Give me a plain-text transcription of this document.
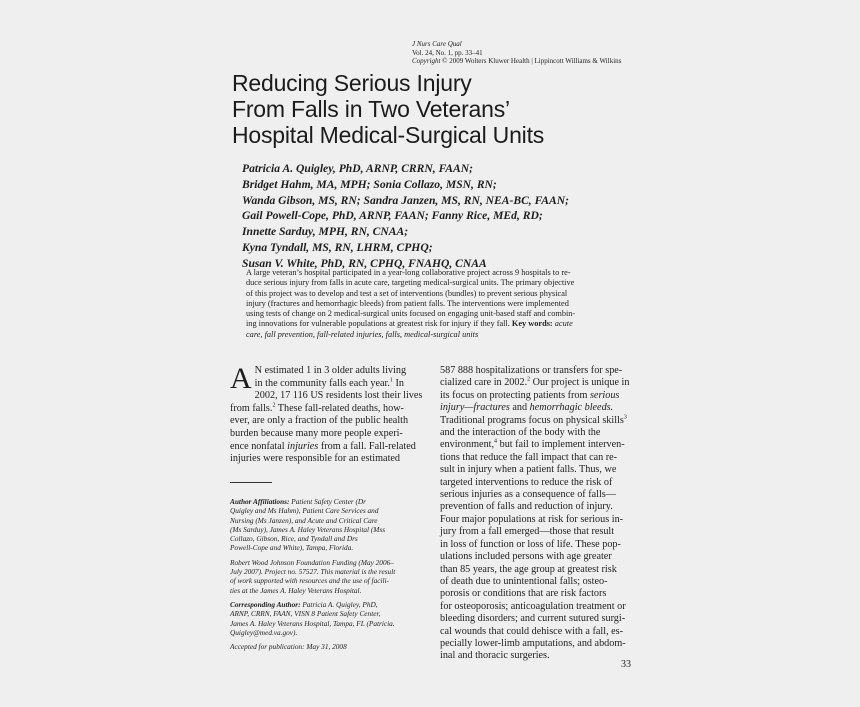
J Nurs Care Qual
Vol. 24, No. 1, pp. 33–41
Copyright © 2009 Wolters Kluwer Health | Lippincott Williams & Wilkins
Reducing Serious Injury
From Falls in Two Veterans’
Hospital Medical-Surgical Units
Patricia A. Quigley, PhD, ARNP, CRRN, FAAN;
Bridget Hahm, MA, MPH; Sonia Collazo, MSN, RN;
Wanda Gibson, MS, RN; Sandra Janzen, MS, RN, NEA-BC, FAAN;
Gail Powell-Cope, PhD, ARNP, FAAN; Fanny Rice, MEd, RD;
Innette Sarduy, MPH, RN, CNAA;
Kyna Tyndall, MS, RN, LHRM, CPHQ;
Susan V. White, PhD, RN, CPHQ, FNAHQ, CNAA
A large veteran’s hospital participated in a year-long collaborative project across 9 hospitals to re-
duce serious injury from falls in acute care, targeting medical-surgical units. The primary objective
of this project was to develop and test a set of interventions (bundles) to prevent serious physical
injury (fractures and hemorrhagic bleeds) from patient falls. The interventions were implemented
using tests of change on 2 medical-surgical units focused on engaging unit-based staff and combin-
ing innovations for vulnerable populations at greatest risk for injury if they fall. Key words: acute
care, fall prevention, fall-related injuries, falls, medical-surgical units
A N estimated 1 in 3 older adults living
in the community falls each year.$^1$ In
2002, 17 116 US residents lost their lives
from falls.$^2$ These fall-related deaths, how-
ever, are only a fraction of the public health
burden because many more people experi-
ence nonfatal injuries from a fall. Fall-related
injuries were responsible for an estimated

Author Affiliations: Patient Safety Center (Dr
Quigley and Ms Hahm), Patient Care Services and
Nursing (Ms Janzen), and Acute and Critical Care
(Ms Sarduy), James A. Haley Veterans Hospital (Mss
Collazo, Gibson, Rice, and Tyndall and Drs
Powell-Cope and White), Tampa, Florida.

Robert Wood Johnson Foundation Funding (May 2006–
July 2007). Project no. 57527. This material is the result
of work supported with resources and the use of facili-
ties at the James A. Haley Veterans Hospital.

Corresponding Author: Patricia A. Quigley, PhD,
ARNP, CRRN, FAAN, VISN 8 Patient Safety Center,
James A. Haley Veterans Hospital, Tampa, FL (Patricia.
Quigley@med.va.gov).

Accepted for publication: May 31, 2008

587 888 hospitalizations or transfers for spe-
cialized care in 2002.$^2$ Our project is unique in
its focus on protecting patients from serious
injury—fractures and hemorrhagic bleeds.
Traditional programs focus on physical skills$^3$
and the interaction of the body with the
environment,$^4$ but fail to implement interven-
tions that reduce the fall impact that can re-
sult in injury when a patient falls. Thus, we
targeted interventions to reduce the risk of
serious injuries as a consequence of falls—
prevention of falls and reduction of injury.
Four major populations at risk for serious in-
jury from a fall emerged—those that result
in loss of function or loss of life. These pop-
ulations included persons with age greater
than 85 years, the age group at greatest risk
of death due to unintentional falls; osteo-
porosis or conditions that are risk factors
for osteoporosis; anticoagulation treatment or
bleeding disorders; and current sutured surgi-
cal wounds that could dehisce with a fall, es-
pecially lower-limb amputations, and abdom-
inal and thoracic surgeries.
33
